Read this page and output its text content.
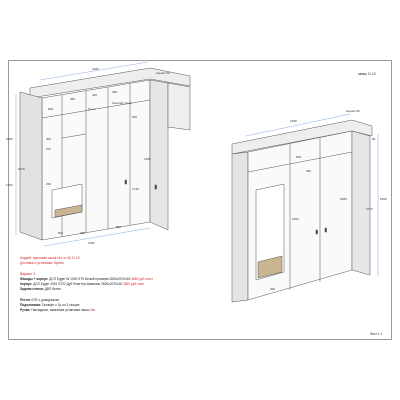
2180
карниз 90
600
450
400
450
Гр-ол
Газлифт Гр-ол
500
1950
2680	400
2070
1740
370
250
1250
900	450
880
2180
2180
карниз 90
90
500
490
1950
2680
2770
1860
400
замер 11.10
Андрей: прихожая шкаф №1 от 08.11.19
Доставка и установка: Купить
Вариант 3
Фасады + корпус: ДСП Egger W 1000 ST9 Белый премиум 2800х2070х16 3650 руб./лист
Корпус: ДСП Egger 3451 ST22 Дуб Флаттер Шампань 2800х2070х16 3650 руб./лист
Задняя стенка: ДВП белое
Петли: ЕЛУ с доводчиком
Подъемники: Газлифт с Гр-ол 3 секции
Ручки: Накладные, заказчика установка наша Zan.
Лист 1.1
